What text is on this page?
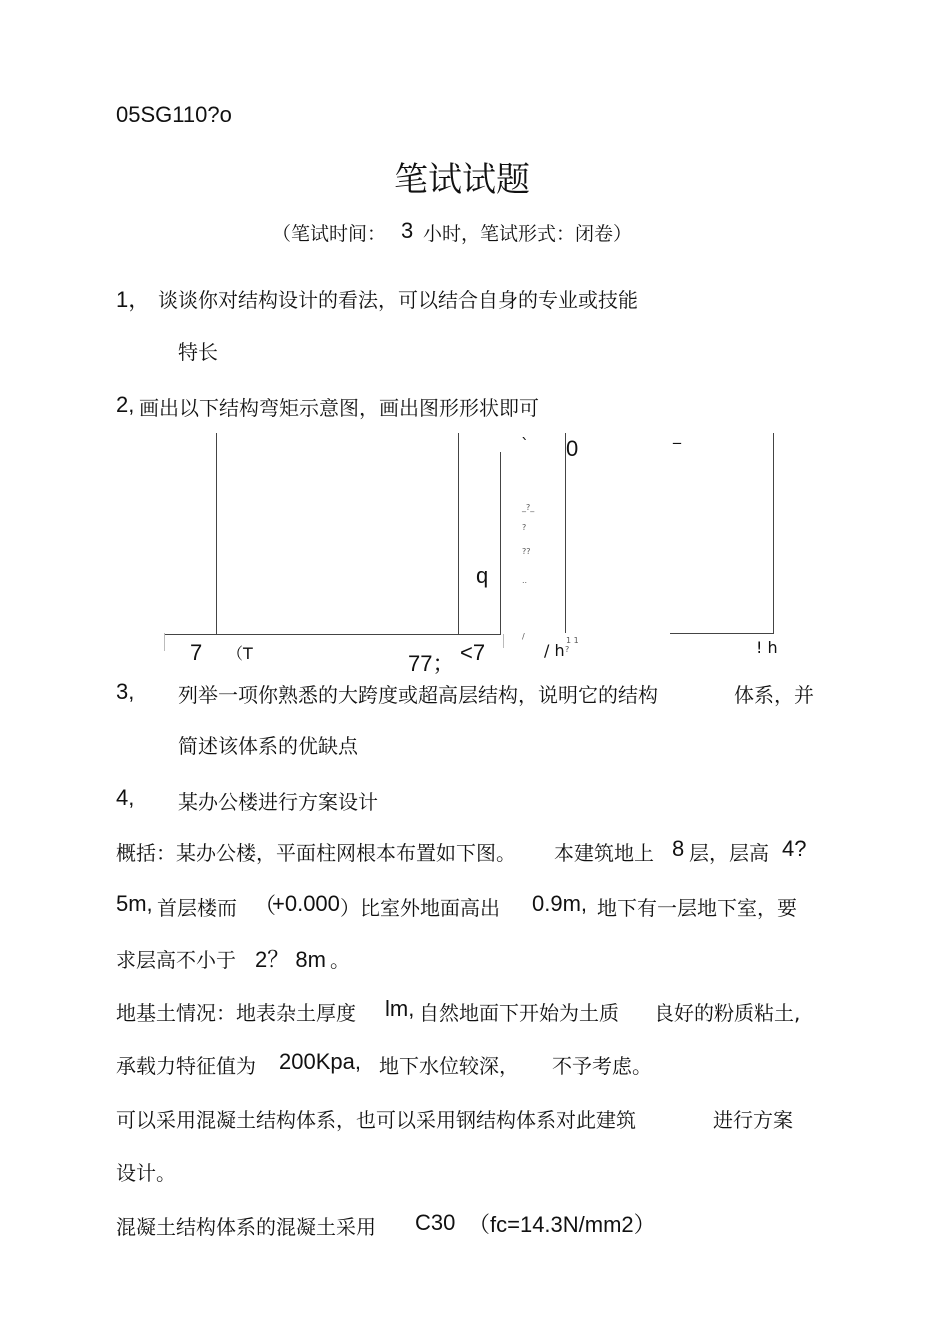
05SG110?o
笔试试题
（笔试时间： 3 小时，笔试形式：闭卷）
1， 谈谈你对结构设计的看法，可以结合自身的专业或技能
特长
2, 画出以下结构弯矩示意图，画出图形形状即可
7 （T	77； <7
q
0
`
_
/ h ?
1 1	! h
_?_
?
??
..
/
3, 列举一项你熟悉的大跨度或超高层结构，说明它的结构	体系，并
简述该体系的优缺点
4, 某办公楼进行方案设计
概括：某办公楼，平面柱网根本布置如下图。 本建筑地上 8 层，层高 4?
5m, 首层楼而 （
+0.000 ）比室外地面高出 0.9m, 地下有一层地下室，要
求层高不小于 2？ 8m 。
地基土情况：地表杂土厚度 lm, 自然地面下开始为土质 良好的粉质粘土,
承载力特征值为 200Kpa, 地下水位较深， 不予考虑。
可以采用混凝土结构体系，也可以采用钢结构体系对此建筑	进行方案
设计。
混凝土结构体系的混凝土采用 C30 （fc=14.3N/mm2）
